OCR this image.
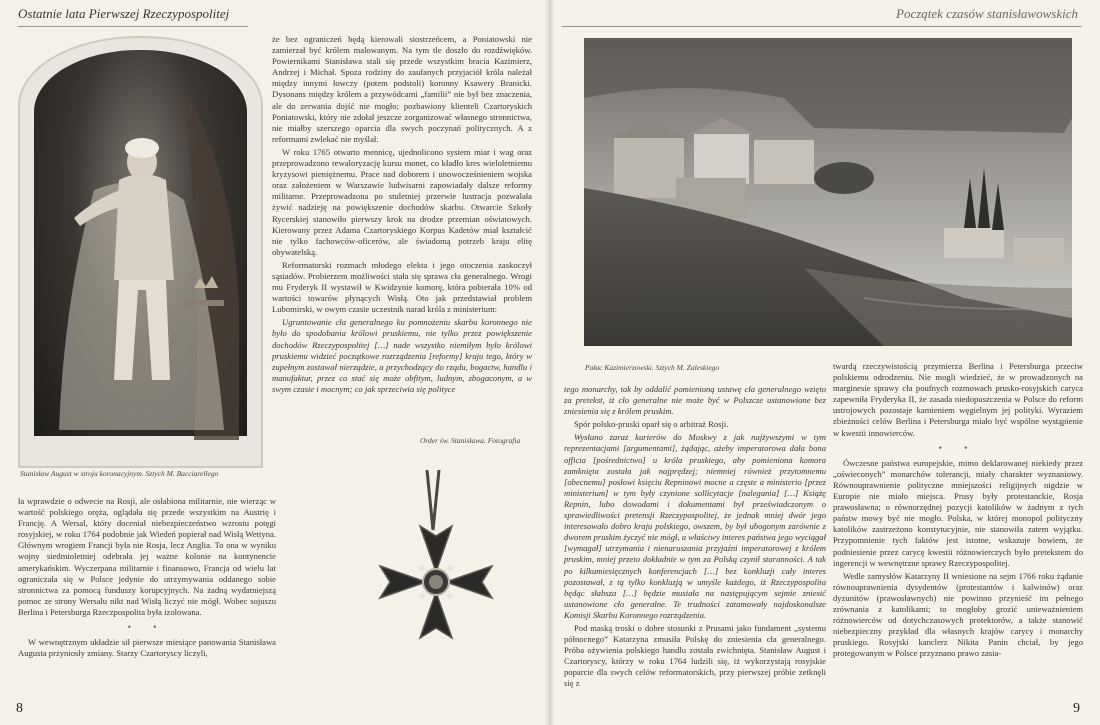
Ostatnie lata Pierwszej Rzeczypospolitej
Stanisław August w stroju koronacyjnym. Sztych M. Bacciarellego

ła wprawdzie o odwecie na Rosji, ale osłabiona militarnie, nie wierząc w wartość polskiego oręża, oglądała się przede wszystkim na Austrię i Francję. A Wersal, który doceniał niebezpieczeństwo wzrostu potęgi rosyjskiej, w roku 1764 podobnie jak Wiedeń popierał nad Wisłą Wettyna. Głównym wrogiem Francji była nie Rosja, lecz Anglia. To ona w wyniku wojny siedmioletniej odebrała jej ważne kolonie na kontynencie amerykańskim. Wyczerpana militarnie i finansowo, Francja od wielu lat ograniczała się w Polsce jedynie do utrzymywania oddanego sobie stronnictwa za pomocą funduszy korupcyjnych. Na żadną wydatniejszą pomoc ze strony Wersalu nikt nad Wisłą liczyć nie mógł. Wobec sojuszu Berlina i Petersburga Rzeczpospolita była izolowana.

• •

W wewnętrznym układzie sił pierwsze miesiące panowania Stanisława Augusta przyniosły zmiany. Starzy Czartoryscy liczyli,

że bez ograniczeń będą kierowali siostrzeńcem, a Poniatowski nie zamierzał być królem malowanym. Na tym tle doszło do rozdźwięków. Powiernikami Stanisława stali się przede wszystkim bracia Kazimierz, Andrzej i Michał. Spoza rodziny do zaufanych przyjaciół króla należał między innymi łowczy (potem podstoli) koronny Ksawery Branicki. Dysonans między królem a przywódcami „familii” nie był bez znaczenia, ale do zerwania dojść nie mogło; pozbawiony klienteli Czartoryskich Poniatowski, który nie zdołał jeszcze zorganizować własnego stronnictwa, nie miałby szerszego oparcia dla swych poczynań politycznych. A z reformami zwlekać nie myślał.

W roku 1765 otwarto mennicę, ujednolicono system miar i wag oraz przeprowadzono rewaloryzację kursu monet, co kładło kres wieloletniemu kryzysowi pieniężnemu. Prace nad doborem i unowocześnieniem wojska oraz założeniem w Warszawie ludwisarni zapowiadały dalsze reformy militarne. Przeprowadzona po stuletniej przerwie lustracja pozwalała żywić nadzieję na powiększenie dochodów skarbu. Otwarcie Szkoły Rycerskiej stanowiło pierwszy krok na drodze przemian oświatowych. Kierowany przez Adama Czartoryskiego Korpus Kadetów miał kształcić nie tylko fachowców-oficerów, ale świadomą potrzeb kraju elitę obywatelską.

Reformatorski rozmach młodego elekta i jego otoczenia zaskoczył sąsiadów. Probierzem możliwości stała się sprawa cła generalnego. Wrogi mu Fryderyk II wystawił w Kwidzynie komorę, która pobierała 10% od wartości towarów płynących Wisłą. Oto jak przedstawiał problem Lubomirski, w owym czasie uczestnik narad króla z ministerium:

Ugruntowanie cła generalnego ku pomnożeniu skarbu koronnego nie było do spodobania królowi pruskiemu, nie tylko przez powiększenie dochodów Rzeczypospolitej […] nade wszystko niemiłym było królowi pruskiemu widzieć początkowe rozrządzenia [reformy] kraju tego, który w zupełnym zostawał nierządzie, a przychodzący do rządu, bogactw, handlu i manufaktur, przez co stać się może obfitym, ludnym, zbogaconym, a w swym czasie i mocnym; co jak sprzeciwia się polityce

Order św. Stanisława. Fotografia
8
Początek czasów stanisławowskich
Pałac Kazimierzowski. Sztych M. Zaleskiego

tego monarchy, tak by oddalić pomienioną ustawę cła generalnego wzięto za pretekst, iż cło generalne nie może być w Polszcze ustanowione bez zniesienia się z królem pruskim.

Spór polsko-pruski oparł się o arbitraż Rosji.

Wysłano zaraz kurierów do Moskwy z jak najżywszymi w tym reprezentacjami [argumentami], żądając, ażeby imperatorowa dała bona officia [pośrednictwo] u króla pruskiego, aby pomieniona komora zamknięta została jak najprędzej; niemniej również przytomnemu [obecnemu] posłowi księciu Repninowi mocne a częste a ministerio [przez ministerium] w tym były czynione sollicytacje [nalegania] […] Książę Repnin, lubo dowodami i dokumentami był przeświadczonym o sprawiedliwości pretensji Rzeczypospolitej, że jednak mniej dwór jego interesowało dobro kraju polskiego, owszem, by był ubogonym zarównie z dworem pruskim życzyć nie mógł, a właściwy interes państwa jego wyciągał [wymagał] utrzymania i nienaruszania przyjaźni imperatorowej z królem pruskim, mniej przeto dokładnie w tym za Polską czynił staranności. A tak po kilkumiesięcznych konferencjach […] bez konkluzji cały interes pozostawał, z tą tylko konkluzją w umyśle każdego, iż Rzeczypospolita będąc słabsza […] będzie musiała na następującym sejmie zniesić ustanowione cło generalne. Te trudności zatamowały najdoskonalsze Komisji Skarbu Koronnego rozrządzenia.

Pod maską troski o dobre stosunki z Prusami jako fundament „systemu północnego” Katarzyna zmusiła Polskę do zniesienia cła generalnego. Próba ożywienia polskiego handlu została zwichnięta. Stanisław August i Czartoryscy, którzy w roku 1764 ludzili się, iż wykorzystają rosyjskie poparcie dla swych celów reformatorskich, przy pierwszej próbie zetknęli się z

twardą rzeczywistością przymierza Berlina i Petersburga przeciw polskiemu odrodzeniu. Nie mogli wiedzieć, że w prowadzonych na marginesie sprawy cła poufnych rozmowach prusko-rosyjskich caryca zapewniła Fryderyka II, że zasada niedopuszczenia w Polsce do reform ustrojowych pozostaje kamieniem węgielnym jej polityki. Wyraziem zbieżności celów Berlina i Petersburga miało być wspólne wystąpienie w kwestii innowierców.

• •

Ówczesne państwa europejskie, mimo deklarowanej niekiedy przez „oświeconych” monarchów tolerancji, miały charakter wyznaniowy. Równouprawnienie polityczne mniejszości religijnych nigdzie w Europie nie miało miejsca. Prusy były protestanckie, Rosja prawosławna; o równorzędnej pozycji katolików w żadnym z tych państw mowy być nie mogło. Polska, w której monopol polityczny katolików zastrzeżono konstytucyjnie, nie stanowiła zatem wyjątku. Przypomnienie tych faktów jest istotne, wskazuje bowiem, że podniesienie przez carycę kwestii różnowierczych było pretekstem do ingerencji w wewnętrzne sprawy Rzeczypospolitej.

Wedle zamysłów Katarzyny II wniesione na sejm 1766 roku żądanie równouprawnienia dysydentów (protestantów i kalwinów) oraz dyzunitów (prawosławnych) nie powinno przynieść im pełnego zrównania z katolikami; to mogłoby grozić unieważnieniem różnowierców od dotychczasowych protektorów, a także stanowić niebezpieczny przykład dla własnych krajów carycy i monarchy pruskiego. Rosyjski kanclerz Nikita Panin chciał, by jego protegowanym w Polsce przyznano prawo zasia-

9
